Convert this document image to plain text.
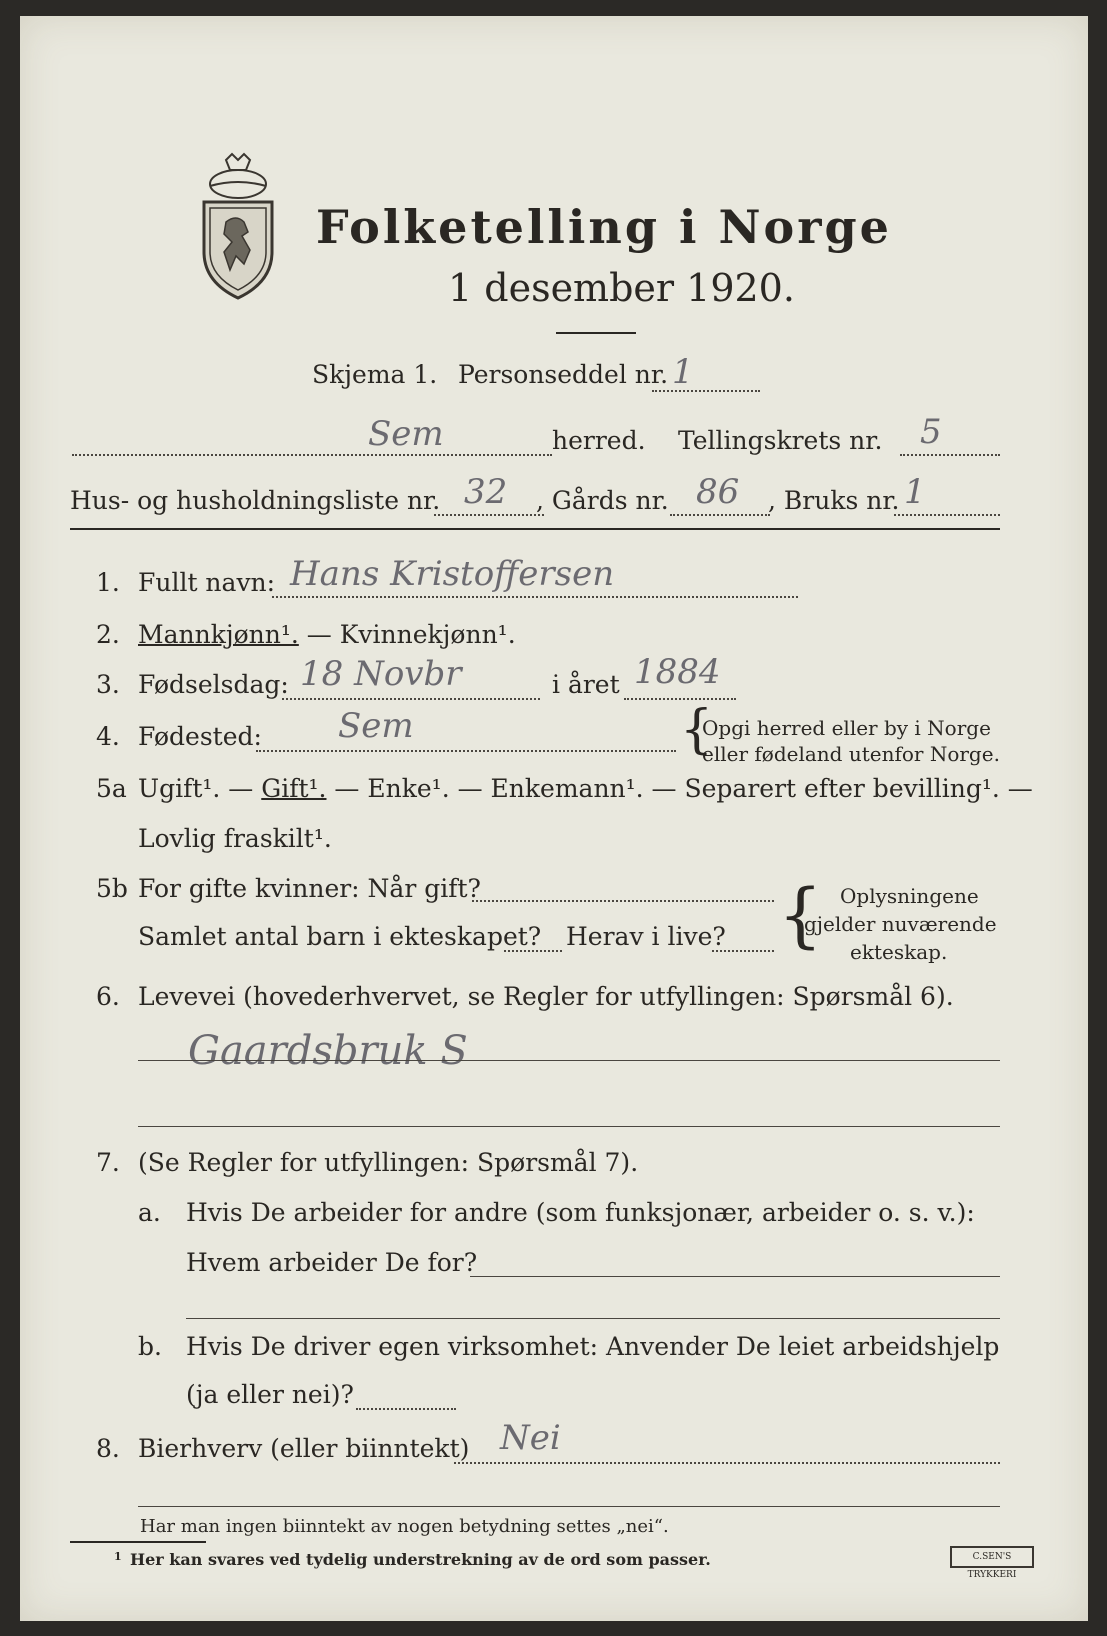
Folketelling i Norge
1 desember 1920.
Skjema 1. Personseddel nr. 1
Sem	herred. Tellingskrets nr. 5
Hus- og husholdningsliste nr. 32 , Gårds nr. 86 , Bruks nr. 1
1. Fullt navn: Hans Kristoffersen
2. Mannkjønn¹. — Kvinnekjønn¹.
3. Fødselsdag: 18 Novbr	i året 1884
4. Fødested: Sem	{
Opgi herred eller by i Norge
eller fødeland utenfor Norge.
5a Ugift¹. — Gift¹. — Enke¹. — Enkemann¹. — Separert efter bevilling¹. —
Lovlig fraskilt¹.
5b For gifte kvinner: Når gift?
Samlet antal barn i ekteskapet? Herav i live? { Oplysningene
gjelder nuværende
ekteskap.
6. Levevei (hovederhvervet, se Regler for utfyllingen: Spørsmål 6).
Gaardsbruk S
7. (Se Regler for utfyllingen: Spørsmål 7).
a. Hvis De arbeider for andre (som funksjonær, arbeider o. s. v.):
Hvem arbeider De for?
b. Hvis De driver egen virksomhet: Anvender De leiet arbeidshjelp
(ja eller nei)?
8. Bierhverv (eller biinntekt) Nei
Har man ingen biinntekt av nogen betydning settes „nei“.
1 Her kan svares ved tydelig understrekning av de ord som passer.	C.SEN'S TRYKKERI
